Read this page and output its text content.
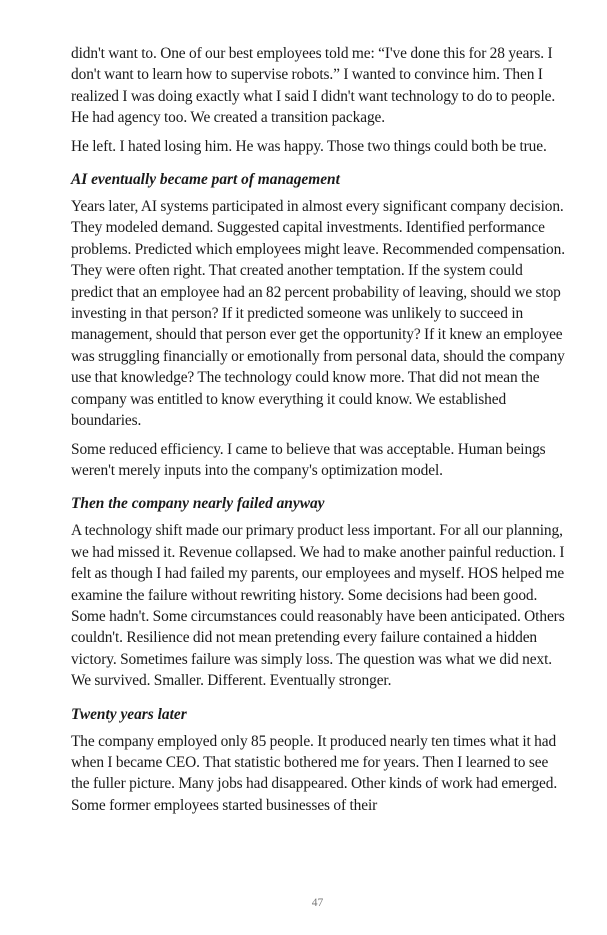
didn't want to. One of our best employees told me: “I've done this for 28 years. I don't want to learn how to supervise robots.” I wanted to convince him. Then I realized I was doing exactly what I said I didn't want technology to do to people. He had agency too. We created a transition package.

He left. I hated losing him. He was happy. Those two things could both be true.

AI eventually became part of management

Years later, AI systems participated in almost every significant company decision. They modeled demand. Suggested capital investments. Identified performance problems. Predicted which employees might leave. Recommended compensation. They were often right. That created another temptation. If the system could predict that an employee had an 82 percent probability of leaving, should we stop investing in that person? If it predicted someone was unlikely to succeed in management, should that person ever get the opportunity? If it knew an employee was struggling financially or emotionally from personal data, should the company use that knowledge? The technology could know more. That did not mean the company was entitled to know everything it could know. We established boundaries.

Some reduced efficiency. I came to believe that was acceptable. Human beings weren't merely inputs into the company's optimization model.

Then the company nearly failed anyway

A technology shift made our primary product less important. For all our planning, we had missed it. Revenue collapsed. We had to make another painful reduction. I felt as though I had failed my parents, our employees and myself. HOS helped me examine the failure without rewriting history. Some decisions had been good. Some hadn't. Some circumstances could reasonably have been anticipated. Others couldn't. Resilience did not mean pretending every failure contained a hidden victory. Sometimes failure was simply loss. The question was what we did next. We survived. Smaller. Different. Eventually stronger.

Twenty years later

The company employed only 85 people. It produced nearly ten times what it had when I became CEO. That statistic bothered me for years. Then I learned to see the fuller picture. Many jobs had disappeared. Other kinds of work had emerged. Some former employees started businesses of their

47
